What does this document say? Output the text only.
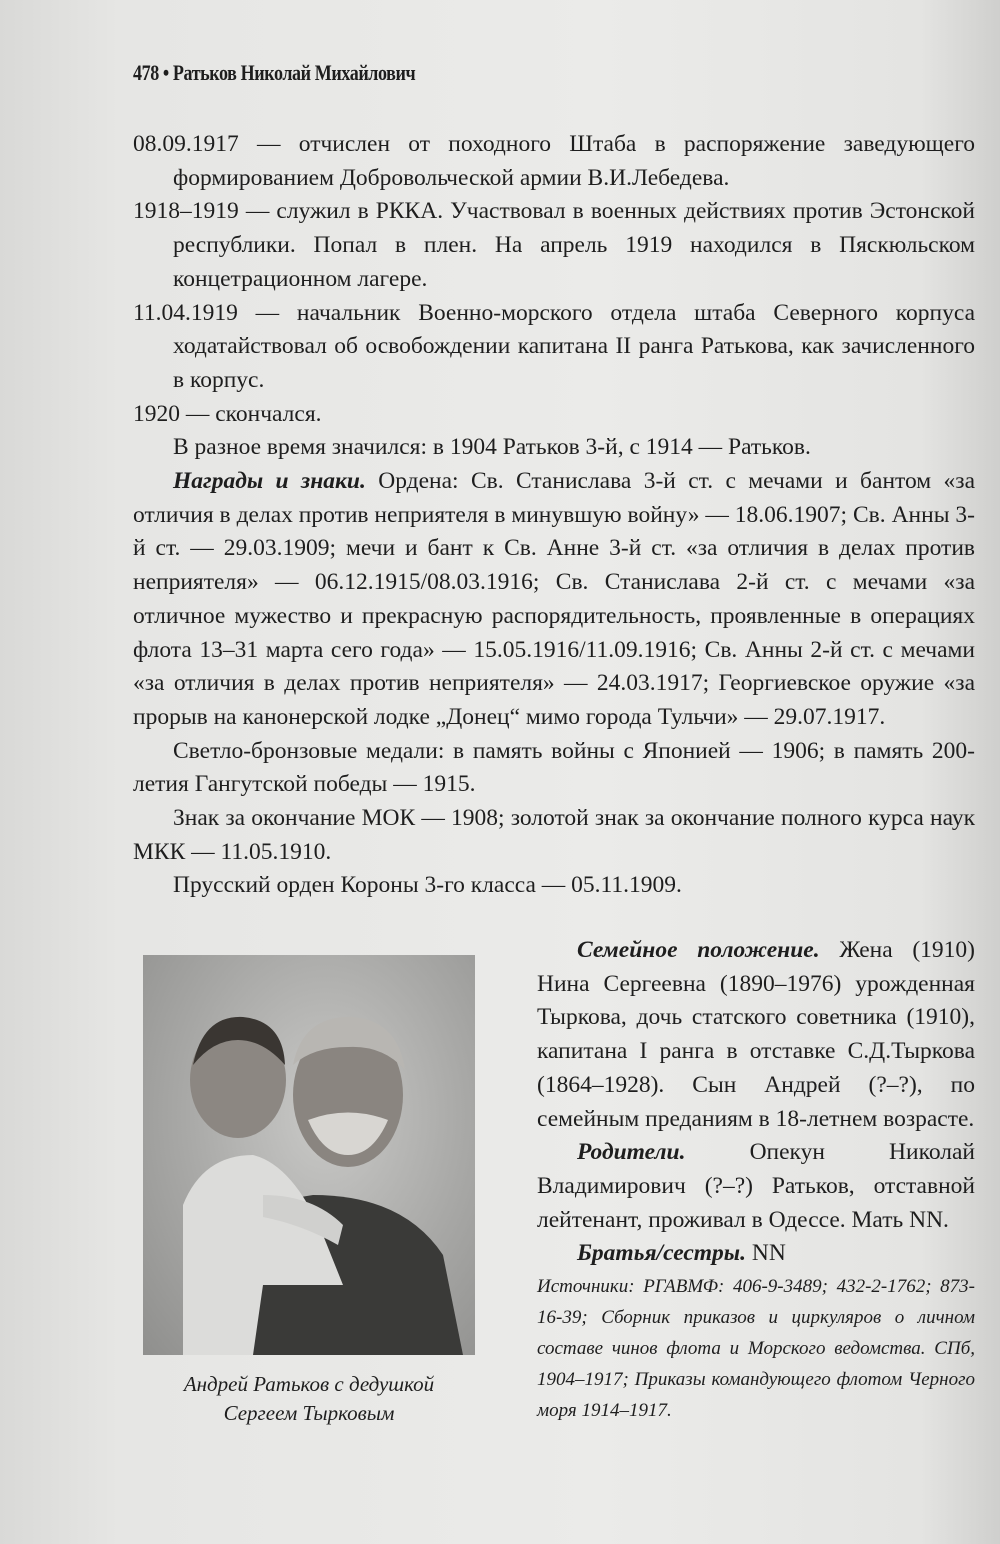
478 • Ратьков Николай Михайлович

08.09.1917 — отчислен от походного Штаба в распоряжение заведующего формированием Добровольческой армии В.И.Лебедева.

1918–1919 — служил в РККА. Участвовал в военных действиях против Эстонской республики. Попал в плен. На апрель 1919 находился в Пяскюльском концетрационном лагере.

11.04.1919 — начальник Военно-морского отдела штаба Северного корпуса ходатайствовал об освобождении капитана II ранга Ратькова, как зачисленного в корпус.

1920 — скончался.

В разное время значился: в 1904 Ратьков 3-й, с 1914 — Ратьков.

Награды и знаки. Ордена: Св. Станислава 3-й ст. с мечами и бантом «за отличия в делах против неприятеля в минувшую войну» — 18.06.1907; Св. Анны 3-й ст. — 29.03.1909; мечи и бант к Св. Анне 3-й ст. «за отличия в делах против неприятеля» — 06.12.1915/08.03.1916; Св. Станислава 2-й ст. с мечами «за отличное мужество и прекрасную распорядительность, проявленные в операциях флота 13–31 марта сего года» — 15.05.1916/11.09.1916; Св. Анны 2-й ст. с мечами «за отличия в делах против неприятеля» — 24.03.1917; Георгиевское оружие «за прорыв на канонерской лодке „Донец“ мимо города Тульчи» — 29.07.1917.

Светло-бронзовые медали: в память войны с Японией — 1906; в память 200-летия Гангутской победы — 1915.

Знак за окончание МОК — 1908; золотой знак за окончание полного курса наук МКК — 11.05.1910.

Прусский орден Короны 3-го класса — 05.11.1909.

Андрей Ратьков с дедушкой
Сергеем Тырковым

Семейное положение. Жена (1910) Нина Сергеевна (1890–1976) урожденная Тыркова, дочь статского советника (1910), капитана I ранга в отставке С.Д.Тыркова (1864–1928). Сын Андрей (?–?), по семейным преданиям в 18-летнем возрасте.

Родители.	Опекун Николай Владимирович (?–?) Ратьков, отставной лейтенант, проживал в Одессе. Мать NN.

Братья/сестры. NN

Источники: РГАВМФ: 406-9-3489; 432-2-1762; 873-16-39; Сборник приказов и циркуляров о личном составе чинов флота и Морского ведомства. СПб, 1904–1917; Приказы командующего флотом Черного моря 1914–1917.
